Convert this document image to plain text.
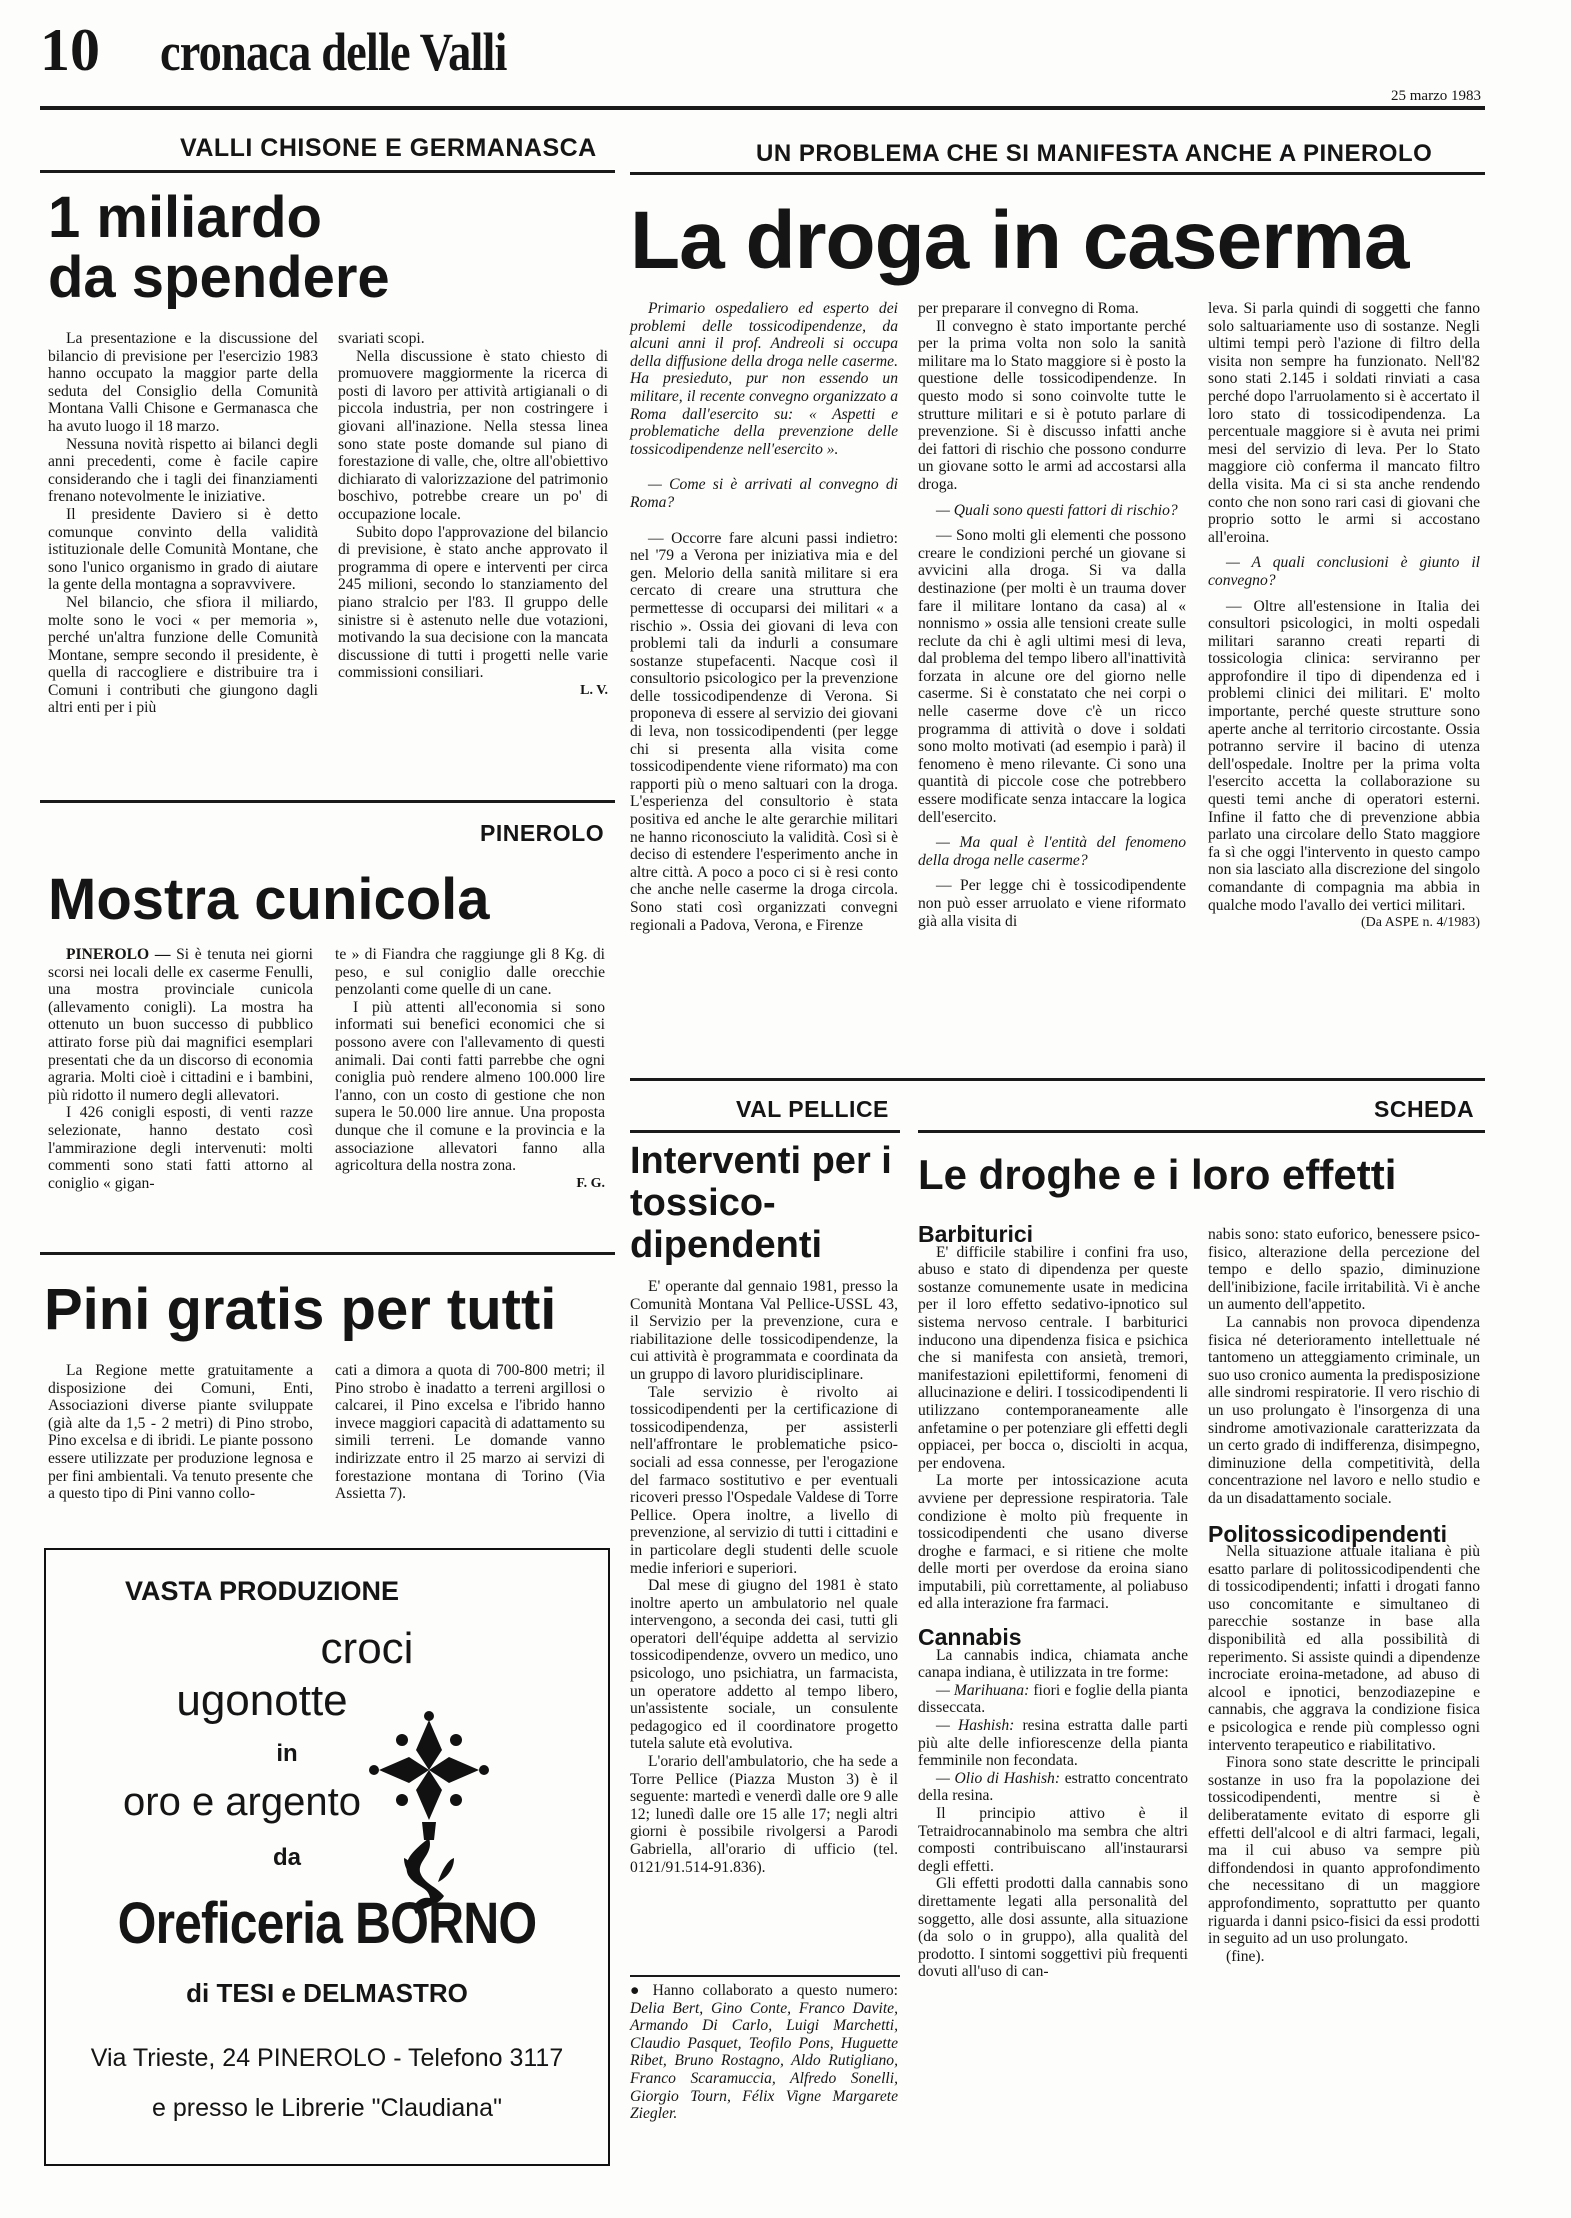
10 cronaca delle Valli
25 marzo 1983
VALLI CHISONE E GERMANASCA
1 miliardo
da spendere

La presentazione e la discussione del bilancio di previsione per l'esercizio 1983 hanno occupato la maggior parte della seduta del Consiglio della Comunità Montana Valli Chisone e Germanasca che ha avuto luogo il 18 marzo.

Nessuna novità rispetto ai bilanci degli anni precedenti, come è facile capire considerando che i tagli dei finanziamenti frenano notevolmente le iniziative.

Il presidente Daviero si è detto comunque convinto della validità istituzionale delle Comunità Montane, che sono l'unico organismo in grado di aiutare la gente della montagna a sopravvivere.

Nel bilancio, che sfiora il miliardo, molte sono le voci « per memoria », perché un'altra funzione delle Comunità Montane, sempre secondo il presidente, è quella di raccogliere e distribuire tra i Comuni i contributi che giungono dagli altri enti per i più

svariati scopi.

Nella discussione è stato chiesto di promuovere maggiormente la ricerca di posti di lavoro per attività artigianali o di piccola industria, per non costringere i giovani all'inazione. Nella stessa linea sono state poste domande sul piano di forestazione di valle, che, oltre all'obiettivo dichiarato di valorizzazione del patrimonio boschivo, potrebbe creare un po' di occupazione locale.

Subito dopo l'approvazione del bilancio di previsione, è stato anche approvato il programma di opere e interventi per circa 245 milioni, secondo lo stanziamento del piano stralcio per l'83. Il gruppo delle sinistre si è astenuto nelle due votazioni, motivando la sua decisione con la mancata discussione di tutti i progetti nelle varie commissioni consiliari.

L. V.

PINEROLO
Mostra cunicola

PINEROLO — Si è tenuta nei giorni scorsi nei locali delle ex caserme Fenulli, una mostra provinciale cunicola (allevamento conigli). La mostra ha ottenuto un buon successo di pubblico attirato forse più dai magnifici esemplari presentati che da un discorso di economia agraria. Molti cioè i cittadini e i bambini, più ridotto il numero degli allevatori.

I 426 conigli esposti, di venti razze selezionate, hanno destato così l'ammirazione degli intervenuti: molti commenti sono stati fatti attorno al coniglio « gigan-

te » di Fiandra che raggiunge gli 8 Kg. di peso, e sul coniglio dalle orecchie penzolanti come quelle di un cane.

I più attenti all'economia si sono informati sui benefici economici che si possono avere con l'allevamento di questi animali. Dai conti fatti parrebbe che ogni coniglia può rendere almeno 100.000 lire l'anno, con un costo di gestione che non supera le 50.000 lire annue. Una proposta dunque che il comune e la provincia e la associazione allevatori fanno alla agricoltura della nostra zona.

F. G.

Pini gratis per tutti

La Regione mette gratuitamente a disposizione dei Comuni, Enti, Associazioni diverse piante sviluppate (già alte da 1,5 - 2 metri) di Pino strobo, Pino excelsa e di ibridi. Le piante possono essere utilizzate per produzione legnosa e per fini ambientali. Va tenuto presente che a questo tipo di Pini vanno collo-

cati a dimora a quota di 700-800 metri; il Pino strobo è inadatto a terreni argillosi o calcarei, il Pino excelsa e l'ibrido hanno invece maggiori capacità di adattamento su simili terreni. Le domande vanno indirizzate entro il 25 marzo ai servizi di forestazione montana di Torino (Via Assietta 7).

VASTA PRODUZIONE
croci
ugonotte
in
oro e argento
da
Oreficeria BORNO
di TESI e DELMASTRO
Via Trieste, 24 PINEROLO - Telefono 3117
e presso le Librerie "Claudiana"
UN PROBLEMA CHE SI MANIFESTA ANCHE A PINEROLO
La droga in caserma

Primario ospedaliero ed esperto dei problemi delle tossicodipendenze, da alcuni anni il prof. Andreoli si occupa della diffusione della droga nelle caserme. Ha presieduto, pur non essendo un militare, il recente convegno organizzato a Roma dall'esercito su: « Aspetti e problematiche della prevenzione delle tossicodipendenze nell'esercito ».

— Come si è arrivati al convegno di Roma?

— Occorre fare alcuni passi indietro: nel '79 a Verona per iniziativa mia e del gen. Melorio della sanità militare si era cercato di creare una struttura che permettesse di occuparsi dei militari « a rischio ». Ossia dei giovani di leva con problemi tali da indurli a consumare sostanze stupefacenti. Nacque così il consultorio psicologico per la prevenzione delle tossicodipendenze di Verona. Si proponeva di essere al servizio dei giovani di leva, non tossicodipendenti (per legge chi si presenta alla visita come tossicodipendente viene riformato) ma con rapporti più o meno saltuari con la droga. L'esperienza del consultorio è stata positiva ed anche le alte gerarchie militari ne hanno riconosciuto la validità. Così si è deciso di estendere l'esperimento anche in altre città. A poco a poco ci si è resi conto che anche nelle caserme la droga circola. Sono stati così organizzati convegni regionali a Padova, Verona, e Firenze

per preparare il convegno di Roma.

Il convegno è stato importante perché per la prima volta non solo la sanità militare ma lo Stato maggiore si è posto la questione delle tossicodipendenze. In questo modo si sono coinvolte tutte le strutture militari e si è potuto parlare di prevenzione. Si è discusso infatti anche dei fattori di rischio che possono condurre un giovane sotto le armi ad accostarsi alla droga.

— Quali sono questi fattori di rischio?

— Sono molti gli elementi che possono creare le condizioni perché un giovane si avvicini alla droga. Si va dalla destinazione (per molti è un trauma dover fare il militare lontano da casa) al « nonnismo » ossia alle tensioni create sulle reclute da chi è agli ultimi mesi di leva, dal problema del tempo libero all'inattività forzata in alcune ore del giorno nelle caserme. Si è constatato che nei corpi o nelle caserme dove c'è un ricco programma di attività o dove i soldati sono molto motivati (ad esempio i parà) il fenomeno è meno rilevante. Ci sono una quantità di piccole cose che potrebbero essere modificate senza intaccare la logica dell'esercito.

— Ma qual è l'entità del fenomeno della droga nelle caserme?

— Per legge chi è tossicodipendente non può esser arruolato e viene riformato già alla visita di

leva. Si parla quindi di soggetti che fanno solo saltuariamente uso di sostanze. Negli ultimi tempi però l'azione di filtro della visita non sempre ha funzionato. Nell'82 sono stati 2.145 i soldati rinviati a casa perché dopo l'arruolamento si è accertato il loro stato di tossicodipendenza. La percentuale maggiore si è avuta nei primi mesi del servizio di leva. Per lo Stato maggiore ciò conferma il mancato filtro della visita. Ma ci si sta anche rendendo conto che non sono rari casi di giovani che proprio sotto le armi si accostano all'eroina.

— A quali conclusioni è giunto il convegno?

— Oltre all'estensione in Italia dei consultori psicologici, in molti ospedali militari saranno creati reparti di tossicologia clinica: serviranno per approfondire il tipo di dipendenza ed i problemi clinici dei militari. E' molto importante, perché queste strutture sono aperte anche al territorio circostante. Ossia potranno servire il bacino di utenza dell'ospedale. Inoltre per la prima volta l'esercito accetta la collaborazione su questi temi anche di operatori esterni. Infine il fatto che di prevenzione abbia parlato una circolare dello Stato maggiore fa sì che oggi l'intervento in questo campo non sia lasciato alla discrezione del singolo comandante di compagnia ma abbia in qualche modo l'avallo dei vertici militari.

(Da ASPE n. 4/1983)

VAL PELLICE
Interventi per i tossico-dipendenti

E' operante dal gennaio 1981, presso la Comunità Montana Val Pellice-USSL 43, il Servizio per la prevenzione, cura e riabilitazione delle tossicodipendenze, la cui attività è programmata e coordinata da un gruppo di lavoro pluridisciplinare.

Tale servizio è rivolto ai tossicodipendenti per la certificazione di tossicodipendenza, per assisterli nell'affrontare le problematiche psico-sociali ad essa connesse, per l'erogazione del farmaco sostitutivo e per eventuali ricoveri presso l'Ospedale Valdese di Torre Pellice. Opera inoltre, a livello di prevenzione, al servizio di tutti i cittadini e in particolare degli studenti delle scuole medie inferiori e superiori.

Dal mese di giugno del 1981 è stato inoltre aperto un ambulatorio nel quale intervengono, a seconda dei casi, tutti gli operatori dell'équipe addetta al servizio tossicodipendenze, ovvero un medico, uno psicologo, uno psichiatra, un farmacista, un operatore addetto al tempo libero, un'assistente sociale, un consulente pedagogico ed il coordinatore progetto tutela salute età evolutiva.

L'orario dell'ambulatorio, che ha sede a Torre Pellice (Piazza Muston 3) è il seguente: martedì e venerdì dalle ore 9 alle 12; lunedì dalle ore 15 alle 17; negli altri giorni è possibile rivolgersi a Parodi Gabriella, all'orario di ufficio (tel. 0121/91.514-91.836).

● Hanno collaborato a questo numero: Delia Bert, Gino Conte, Franco Davite, Armando Di Carlo, Luigi Marchetti, Claudio Pasquet, Teofilo Pons, Huguette Ribet, Bruno Rostagno, Aldo Rutigliano, Franco Scaramuccia, Alfredo Sonelli, Giorgio Tourn, Félix Vigne Margarete Ziegler.

SCHEDA
Le droghe e i loro effetti

Barbiturici

E' difficile stabilire i confini fra uso, abuso e stato di dipendenza per queste sostanze comunemente usate in medicina per il loro effetto sedativo-ipnotico sul sistema nervoso centrale. I barbiturici inducono una dipendenza fisica e psichica che si manifesta con ansietà, tremori, manifestazioni epilettiformi, fenomeni di allucinazione e deliri. I tossicodipendenti li utilizzano contemporaneamente alle anfetamine o per potenziare gli effetti degli oppiacei, per bocca o, disciolti in acqua, per endovena.

La morte per intossicazione acuta avviene per depressione respiratoria. Tale condizione è molto più frequente in tossicodipendenti che usano diverse droghe e farmaci, e si ritiene che molte delle morti per overdose da eroina siano imputabili, più correttamente, al poliabuso ed alla interazione fra farmaci.

Cannabis

La cannabis indica, chiamata anche canapa indiana, è utilizzata in tre forme:

— Marihuana: fiori e foglie della pianta disseccata.

— Hashish: resina estratta dalle parti più alte delle infiorescenze della pianta femminile non fecondata.

— Olio di Hashish: estratto concentrato della resina.

Il principio attivo è il Tetraidrocannabinolo ma sembra che altri composti contribuiscano all'instaurarsi degli effetti.

Gli effetti prodotti dalla cannabis sono direttamente legati alla personalità del soggetto, alle dosi assunte, alla situazione (da solo o in gruppo), alla qualità del prodotto. I sintomi soggettivi più frequenti dovuti all'uso di can-

nabis sono: stato euforico, benessere psico-fisico, alterazione della percezione del tempo e dello spazio, diminuzione dell'inibizione, facile irritabilità. Vi è anche un aumento dell'appetito.

La cannabis non provoca dipendenza fisica né deterioramento intellettuale né tantomeno un atteggiamento criminale, un suo uso cronico aumenta la predisposizione alle sindromi respiratorie. Il vero rischio di un uso prolungato è l'insorgenza di una sindrome amotivazionale caratterizzata da un certo grado di indifferenza, disimpegno, diminuzione della competitività, della concentrazione nel lavoro e nello studio e da un disadattamento sociale.

Politossicodipendenti

Nella situazione attuale italiana è più esatto parlare di politossicodipendenti che di tossicodipendenti; infatti i drogati fanno uso concomitante e simultaneo di parecchie sostanze in base alla disponibilità ed alla possibilità di reperimento. Si assiste quindi a dipendenze incrociate eroina-metadone, ad abuso di alcool e ipnotici, benzodiazepine e cannabis, che aggrava la condizione fisica e psicologica e rende più complesso ogni intervento terapeutico e riabilitativo.

Finora sono state descritte le principali sostanze in uso fra la popolazione dei tossicodipendenti, mentre si è deliberatamente evitato di esporre gli effetti dell'alcool e di altri farmaci, legali, ma il cui abuso va sempre più diffondendosi in quanto approfondimento che necessitano di un maggiore approfondimento, soprattutto per quanto riguarda i danni psico-fisici da essi prodotti in seguito ad un uso prolungato.

(fine).
